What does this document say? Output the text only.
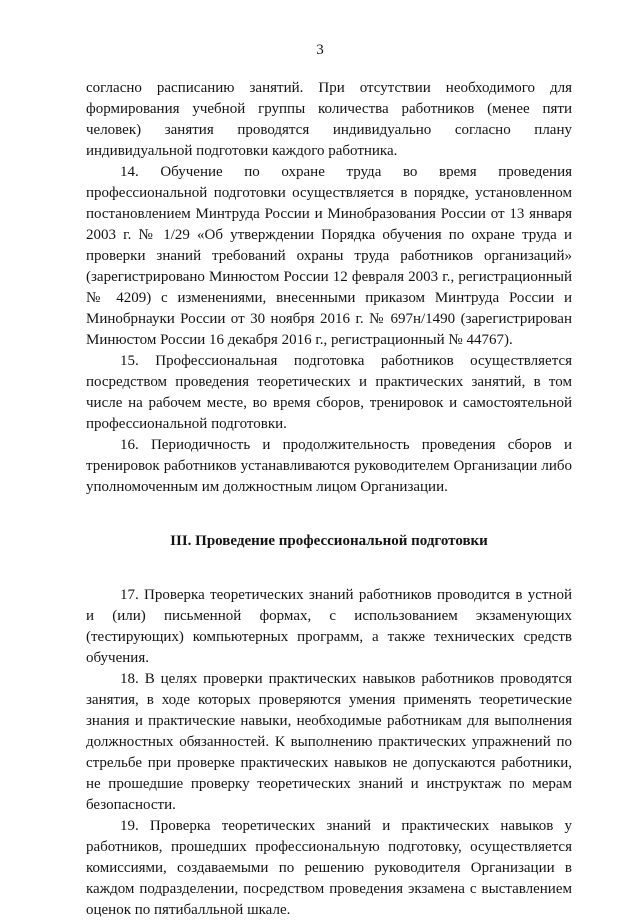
3

согласно расписанию занятий. При отсутствии необходимого для формирования учебной группы количества работников (менее пяти человек) занятия проводятся индивидуально согласно плану индивидуальной подготовки каждого работника.

14. Обучение по охране труда во время проведения профессиональной подготовки осуществляется в порядке, установленном постановлением Минтруда России и Минобразования России от 13 января 2003 г. № 1/29 «Об утверждении Порядка обучения по охране труда и проверки знаний требований охраны труда работников организаций» (зарегистрировано Минюстом России 12 февраля 2003 г., регистрационный № 4209) с изменениями, внесенными приказом Минтруда России и Минобрнауки России от 30 ноября 2016 г. № 697н/1490 (зарегистрирован Минюстом России 16 декабря 2016 г., регистрационный № 44767).

15. Профессиональная подготовка работников осуществляется посредством проведения теоретических и практических занятий, в том числе на рабочем месте, во время сборов, тренировок и самостоятельной профессиональной подготовки.

16. Периодичность и продолжительность проведения сборов и тренировок работников устанавливаются руководителем Организации либо уполномоченным им должностным лицом Организации.

III. Проведение профессиональной подготовки

17. Проверка теоретических знаний работников проводится в устной и (или) письменной формах, с использованием экзаменующих (тестирующих) компьютерных программ, а также технических средств обучения.

18. В целях проверки практических навыков работников проводятся занятия, в ходе которых проверяются умения применять теоретические знания и практические навыки, необходимые работникам для выполнения должностных обязанностей. К выполнению практических упражнений по стрельбе при проверке практических навыков не допускаются работники, не прошедшие проверку теоретических знаний и инструктаж по мерам безопасности.

19. Проверка теоретических знаний и практических навыков у работников, прошедших профессиональную подготовку, осуществляется комиссиями, создаваемыми по решению руководителя Организации в каждом подразделении, посредством проведения экзамена с выставлением оценок по пятибалльной шкале.
